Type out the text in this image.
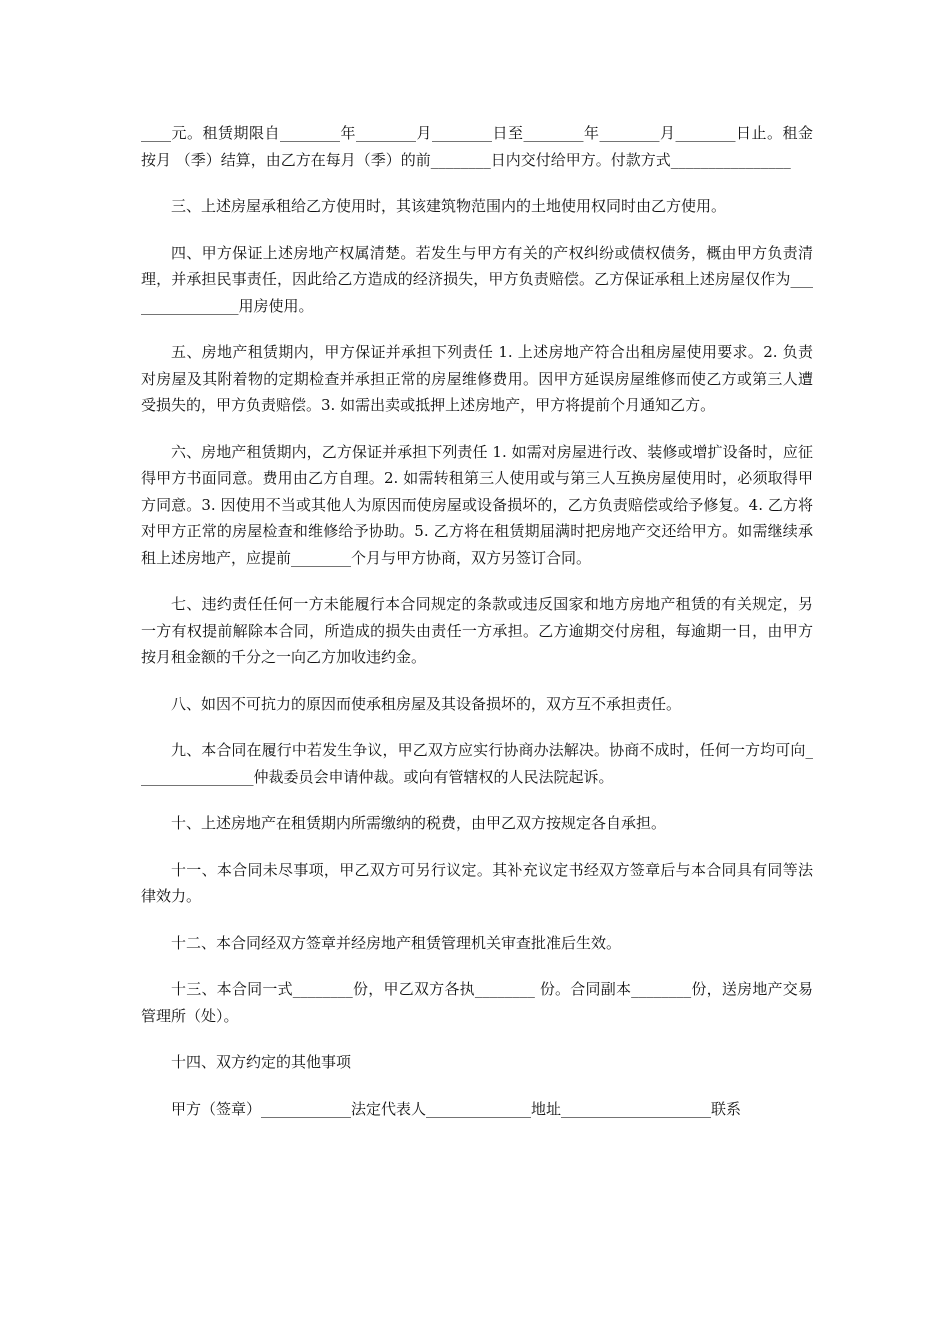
____元。租赁期限自________年________月________日至________年________月________日止。租金按月 （季）结算，由乙方在每月（季）的前________日内交付给甲方。付款方式________________

三、上述房屋承租给乙方使用时，其该建筑物范围内的土地使用权同时由乙方使用。

四、甲方保证上述房地产权属清楚。若发生与甲方有关的产权纠纷或债权债务，概由甲方负责清理，并承担民事责任，因此给乙方造成的经济损失，甲方负责赔偿。乙方保证承租上述房屋仅作为________________用房使用。

五、房地产租赁期内，甲方保证并承担下列责任 1. 上述房地产符合出租房屋使用要求。2. 负责对房屋及其附着物的定期检查并承担正常的房屋维修费用。因甲方延误房屋维修而使乙方或第三人遭受损失的，甲方负责赔偿。3. 如需出卖或抵押上述房地产，甲方将提前个月通知乙方。

六、房地产租赁期内，乙方保证并承担下列责任 1. 如需对房屋进行改、装修或增扩设备时，应征得甲方书面同意。费用由乙方自理。2. 如需转租第三人使用或与第三人互换房屋使用时，必须取得甲方同意。3. 因使用不当或其他人为原因而使房屋或设备损坏的，乙方负责赔偿或给予修复。4. 乙方将对甲方正常的房屋检查和维修给予协助。5. 乙方将在租赁期届满时把房地产交还给甲方。如需继续承租上述房地产，应提前________个月与甲方协商，双方另签订合同。

七、违约责任任何一方未能履行本合同规定的条款或违反国家和地方房地产租赁的有关规定，另一方有权提前解除本合同，所造成的损失由责任一方承担。乙方逾期交付房租，每逾期一日，由甲方按月租金额的千分之一向乙方加收违约金。

八、如因不可抗力的原因而使承租房屋及其设备损坏的，双方互不承担责任。

九、本合同在履行中若发生争议，甲乙双方应实行协商办法解决。协商不成时，任何一方均可向________________仲裁委员会申请仲裁。或向有管辖权的人民法院起诉。

十、上述房地产在租赁期内所需缴纳的税费，由甲乙双方按规定各自承担。

十一、本合同未尽事项，甲乙双方可另行议定。其补充议定书经双方签章后与本合同具有同等法律效力。

十二、本合同经双方签章并经房地产租赁管理机关审查批准后生效。

十三、本合同一式________份，甲乙双方各执________ 份。合同副本________份，送房地产交易管理所（处）。

十四、双方约定的其他事项

甲方（签章）____________法定代表人______________地址____________________联系
